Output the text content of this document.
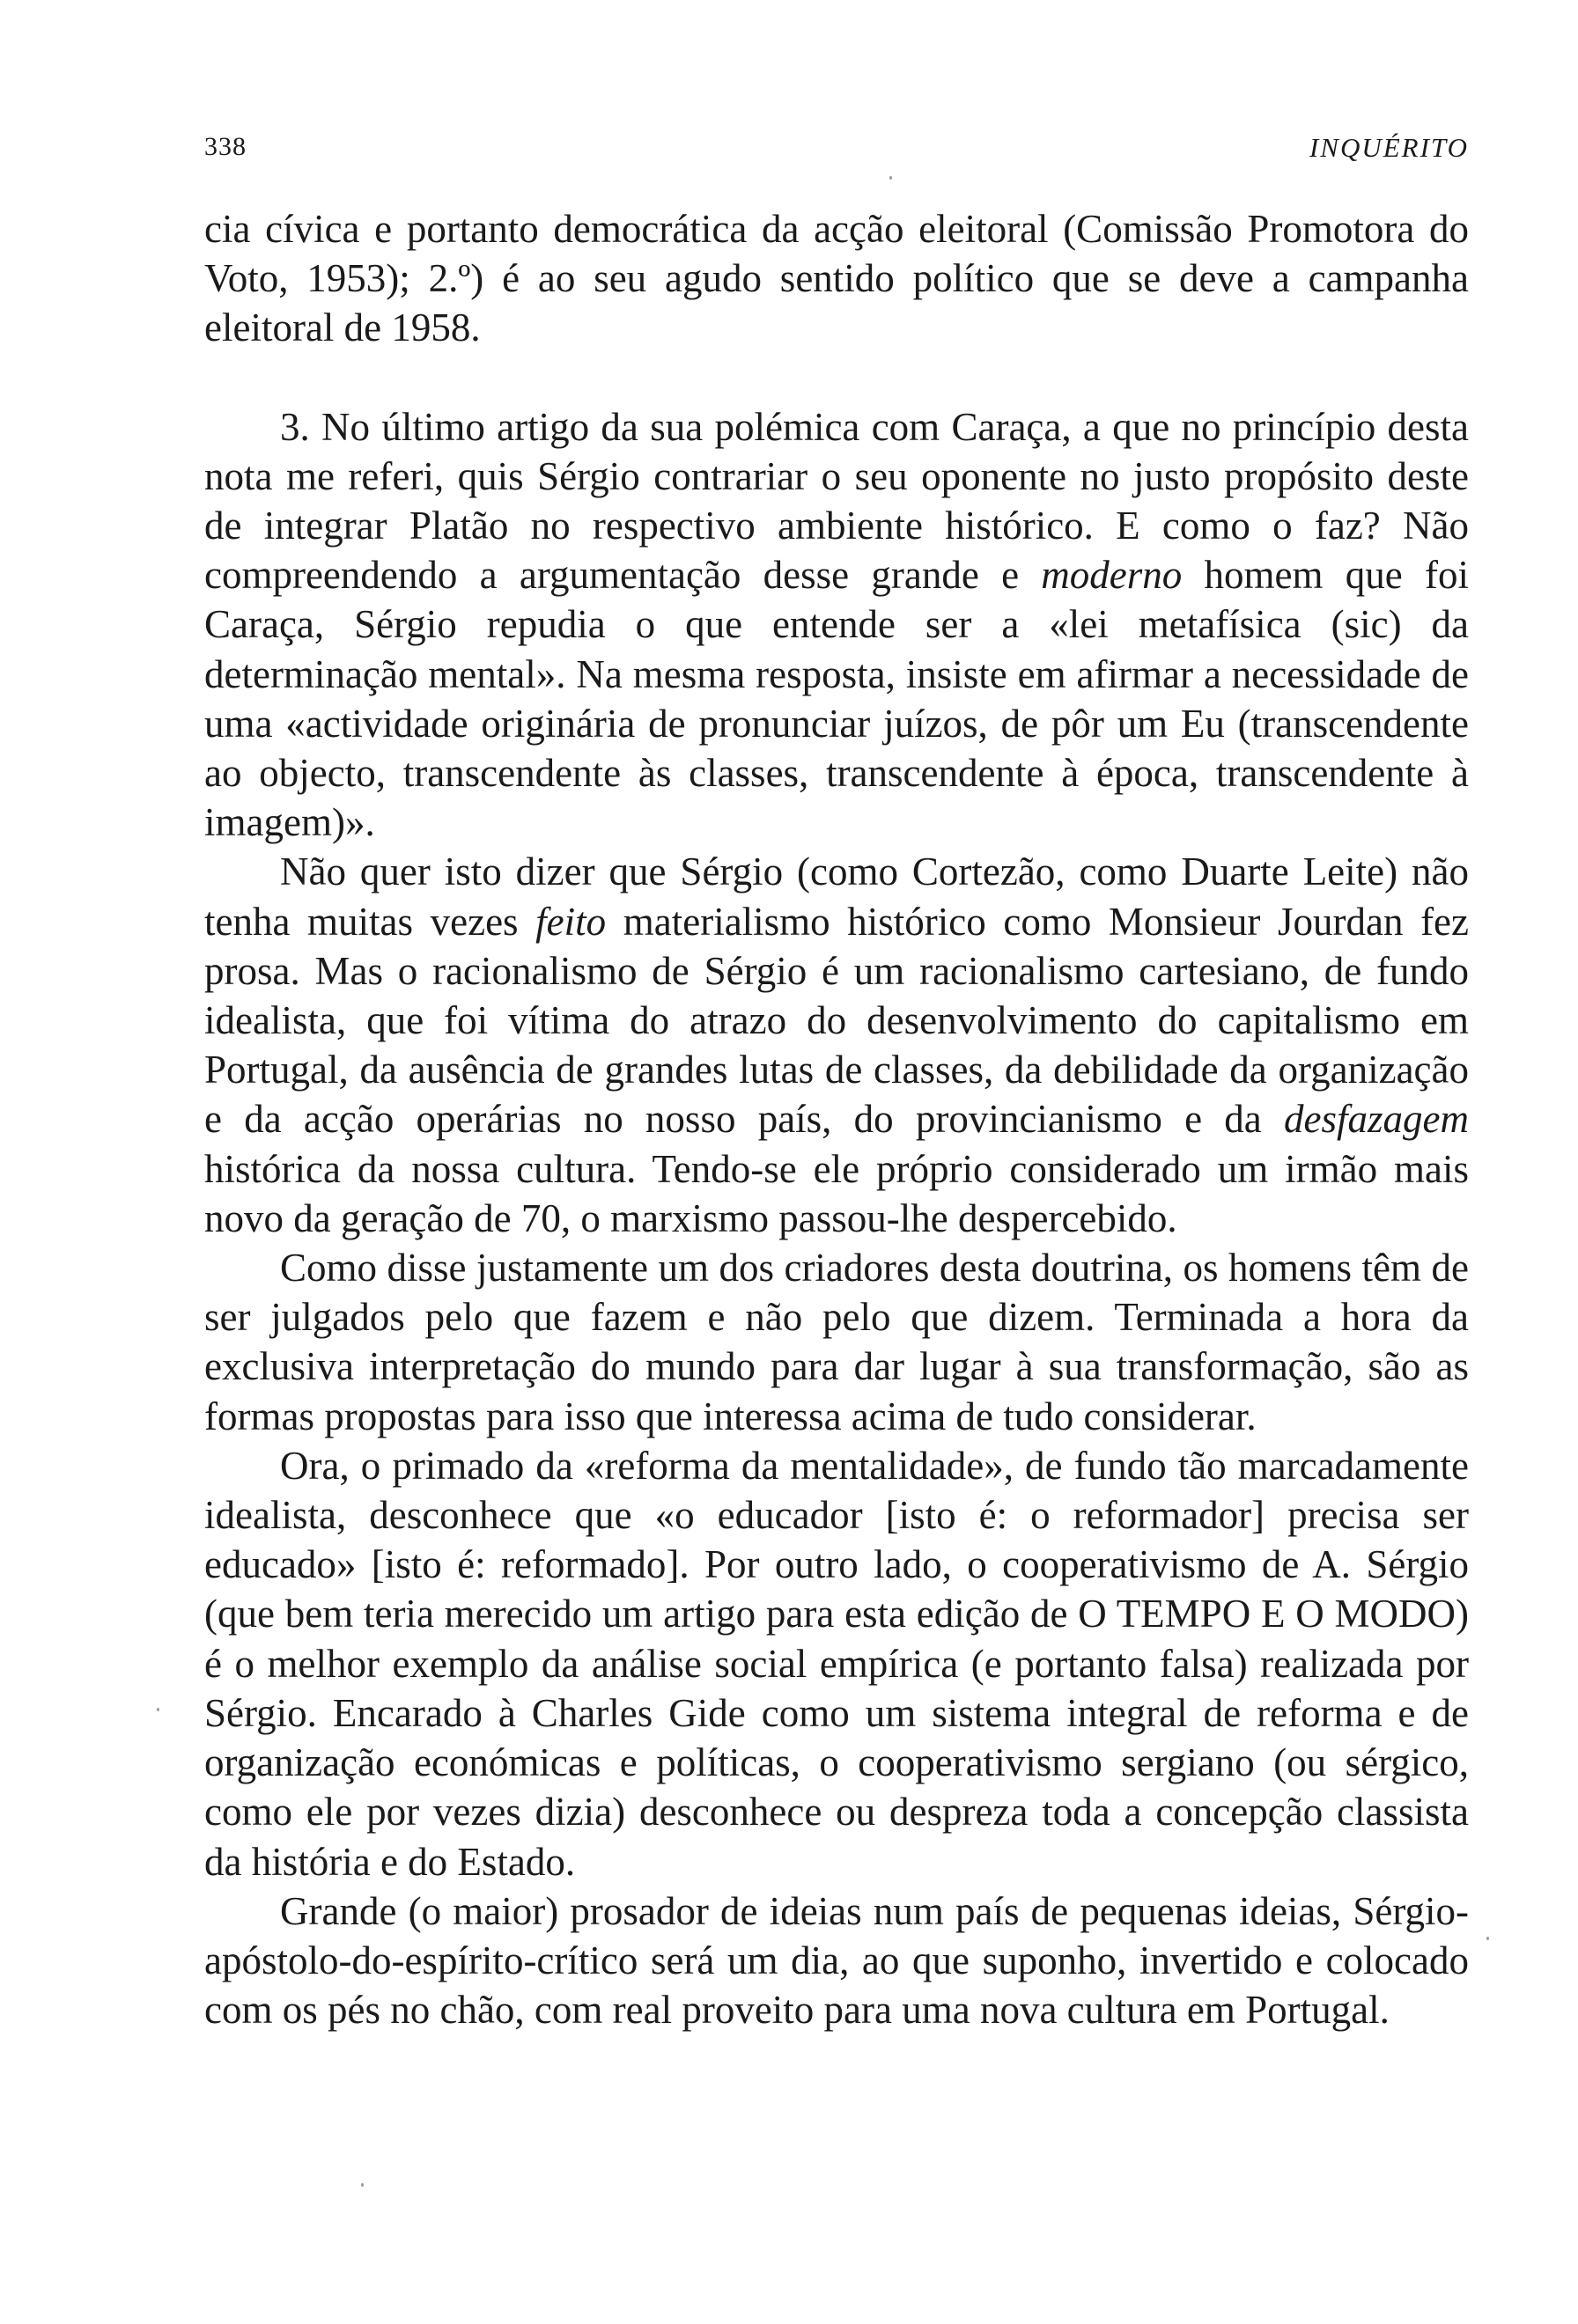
338	INQUÉRITO

cia cívica e portanto democrática da acção eleitoral (Comissão Promotora do Voto, 1953); 2.º) é ao seu agudo sentido político que se deve a campanha eleitoral de 1958.

3. No último artigo da sua polémica com Caraça, a que no princípio desta nota me referi, quis Sérgio contrariar o seu oponente no justo propósito deste de integrar Platão no respectivo ambiente histórico. E como o faz? Não compreendendo a argumentação desse grande e moderno homem que foi Caraça, Sérgio repudia o que entende ser a «lei metafísica (sic) da determinação mental». Na mesma resposta, insiste em afirmar a necessidade de uma «actividade originária de pronunciar juízos, de pôr um Eu (transcendente ao objecto, transcendente às classes, transcendente à época, transcendente à imagem)».

Não quer isto dizer que Sérgio (como Cortezão, como Duarte Leite) não tenha muitas vezes feito materialismo histórico como Monsieur Jourdan fez prosa. Mas o racionalismo de Sérgio é um racionalismo cartesiano, de fundo idealista, que foi vítima do atrazo do desenvolvimento do capitalismo em Portugal, da ausência de grandes lutas de classes, da debilidade da organização e da acção operárias no nosso país, do provincianismo e da desfazagem histórica da nossa cultura. Tendo-se ele próprio considerado um irmão mais novo da geração de 70, o marxismo passou-lhe despercebido.

Como disse justamente um dos criadores desta doutrina, os homens têm de ser julgados pelo que fazem e não pelo que dizem. Terminada a hora da exclusiva interpretação do mundo para dar lugar à sua transformação, são as formas propostas para isso que interessa acima de tudo considerar.

Ora, o primado da «reforma da mentalidade», de fundo tão marcadamente idealista, desconhece que «o educador [isto é: o reformador] precisa ser educado» [isto é: reformado]. Por outro lado, o cooperativismo de A. Sérgio (que bem teria merecido um artigo para esta edição de O TEMPO E O MODO) é o melhor exemplo da análise social empírica (e portanto falsa) realizada por Sérgio. Encarado à Charles Gide como um sistema integral de reforma e de organização económicas e políticas, o cooperativismo sergiano (ou sérgico, como ele por vezes dizia) desconhece ou despreza toda a concepção classista da história e do Estado.

Grande (o maior) prosador de ideias num país de pequenas ideias, Sérgio-apóstolo-do-espírito-crítico será um dia, ao que suponho, invertido e colocado com os pés no chão, com real proveito para uma nova cultura em Portugal.
